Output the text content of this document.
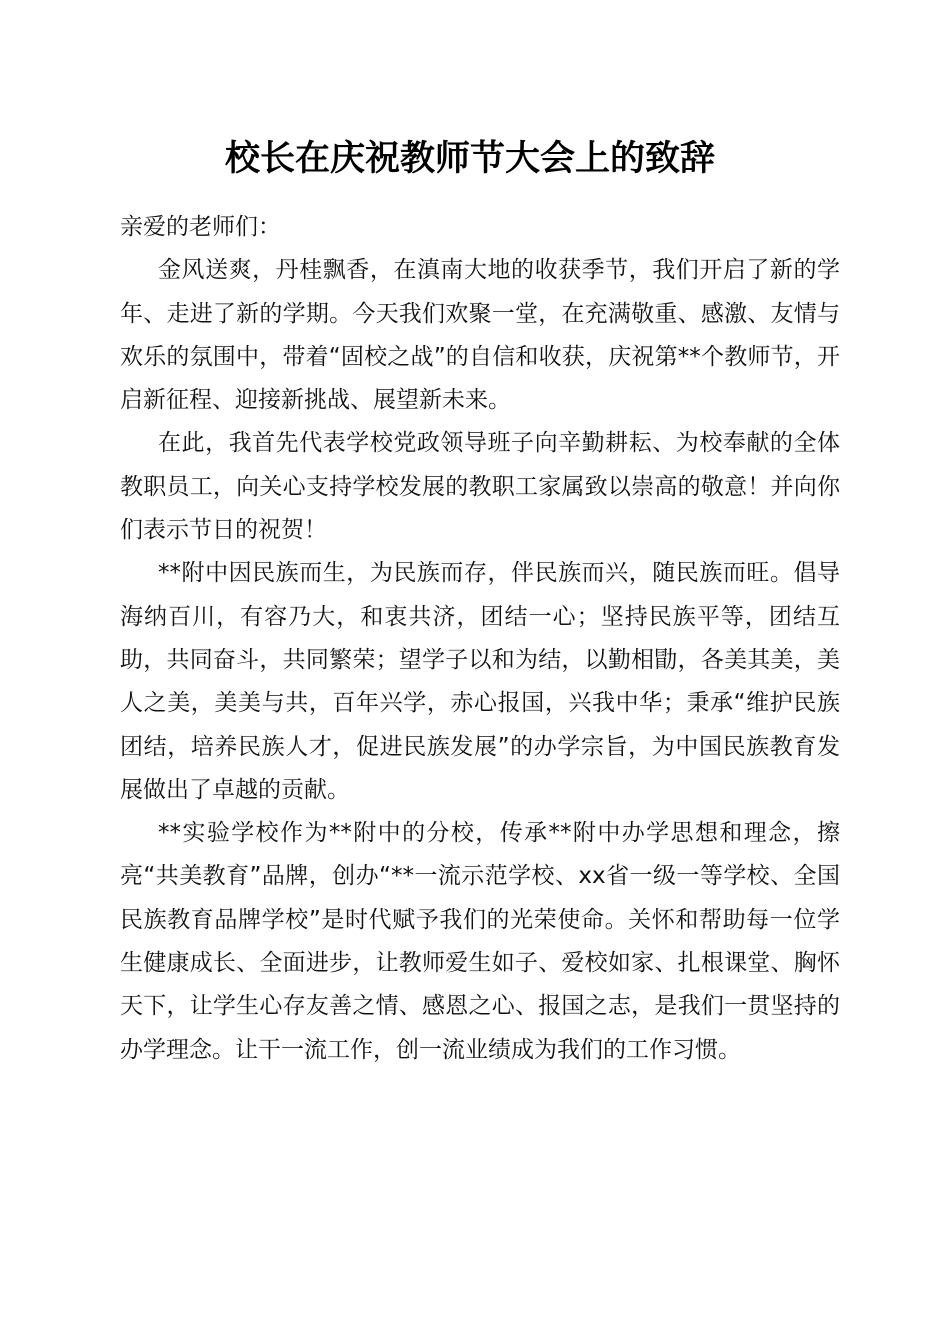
校长在庆祝教师节大会上的致辞

亲爱的老师们：

金风送爽，丹桂飘香，在滇南大地的收获季节，我们开启了新的学年、走进了新的学期。今天我们欢聚一堂，在充满敬重、感激、友情与欢乐的氛围中，带着“固校之战”的自信和收获，庆祝第**个教师节，开启新征程、迎接新挑战、展望新未来。

在此，我首先代表学校党政领导班子向辛勤耕耘、为校奉献的全体教职员工，向关心支持学校发展的教职工家属致以崇高的敬意！并向你们表示节日的祝贺！

**附中因民族而生，为民族而存，伴民族而兴，随民族而旺。倡导海纳百川，有容乃大，和衷共济，团结一心；坚持民族平等，团结互助，共同奋斗，共同繁荣；望学子以和为结，以勤相勖，各美其美，美人之美，美美与共，百年兴学，赤心报国，兴我中华；秉承“维护民族团结，培养民族人才，促进民族发展”的办学宗旨，为中国民族教育发展做出了卓越的贡献。

**实验学校作为**附中的分校，传承**附中办学思想和理念，擦亮“共美教育”品牌，创办“**一流示范学校、xx省一级一等学校、全国民族教育品牌学校”是时代赋予我们的光荣使命。关怀和帮助每一位学生健康成长、全面进步，让教师爱生如子、爱校如家、扎根课堂、胸怀天下，让学生心存友善之情、感恩之心、报国之志，是我们一贯坚持的办学理念。让干一流工作，创一流业绩成为我们的工作习惯。
